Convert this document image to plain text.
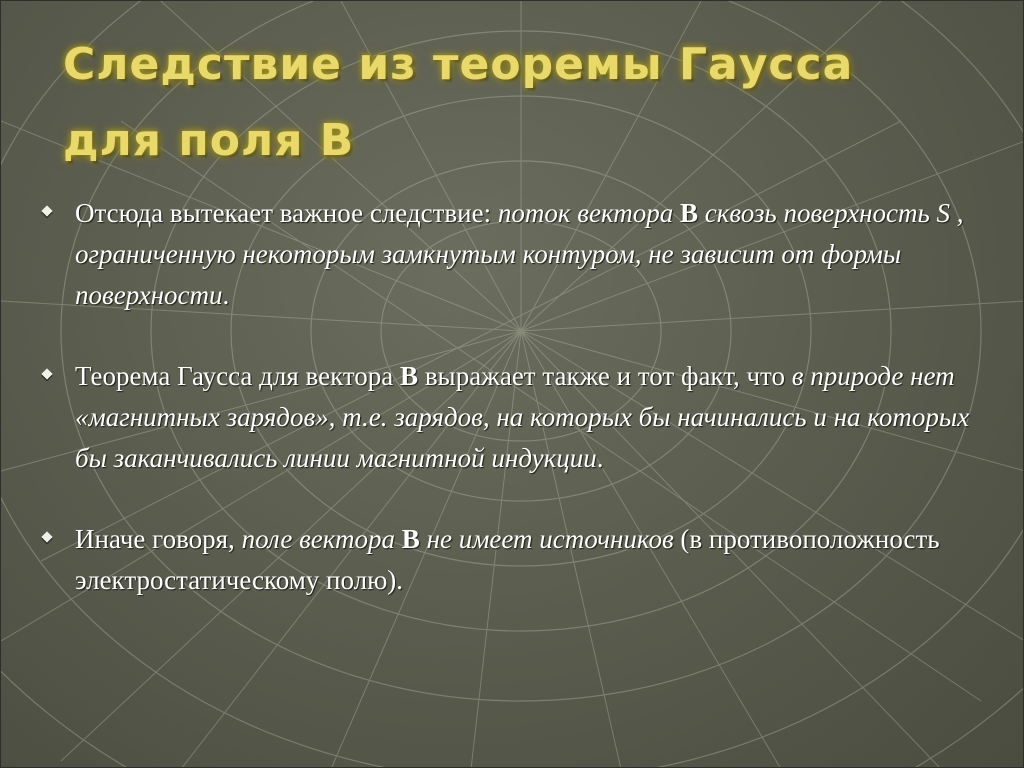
Следствие из теоремы Гаусса
для поля В
Отсюда вытекает важное следствие: поток вектора В сквозь поверхность S , ограниченную некоторым замкнутым контуром, не зависит от формы поверхности.
Теорема Гаусса для вектора В выражает также и тот факт, что в природе нет «магнитных зарядов», т.е. зарядов, на которых бы начинались и на которых бы заканчивались линии магнитной индукции.
Иначе говоря, поле вектора В не имеет источников (в противоположность электростатическому полю).
